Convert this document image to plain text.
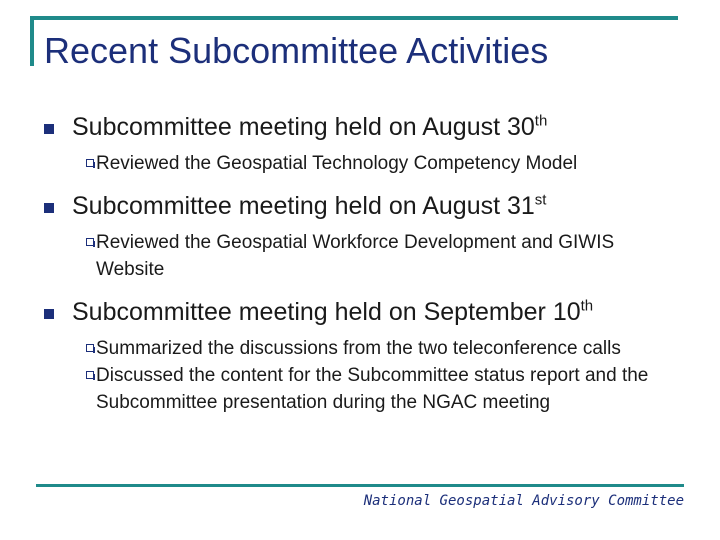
Recent Subcommittee Activities
Subcommittee meeting held on August 30th
Reviewed the Geospatial Technology Competency Model
Subcommittee meeting held on August 31st
Reviewed the Geospatial Workforce Development and GIWIS Website
Subcommittee meeting held on September 10th
Summarized the discussions from the two teleconference calls
Discussed the content for the Subcommittee status report and the Subcommittee presentation during the NGAC meeting
National Geospatial Advisory Committee
